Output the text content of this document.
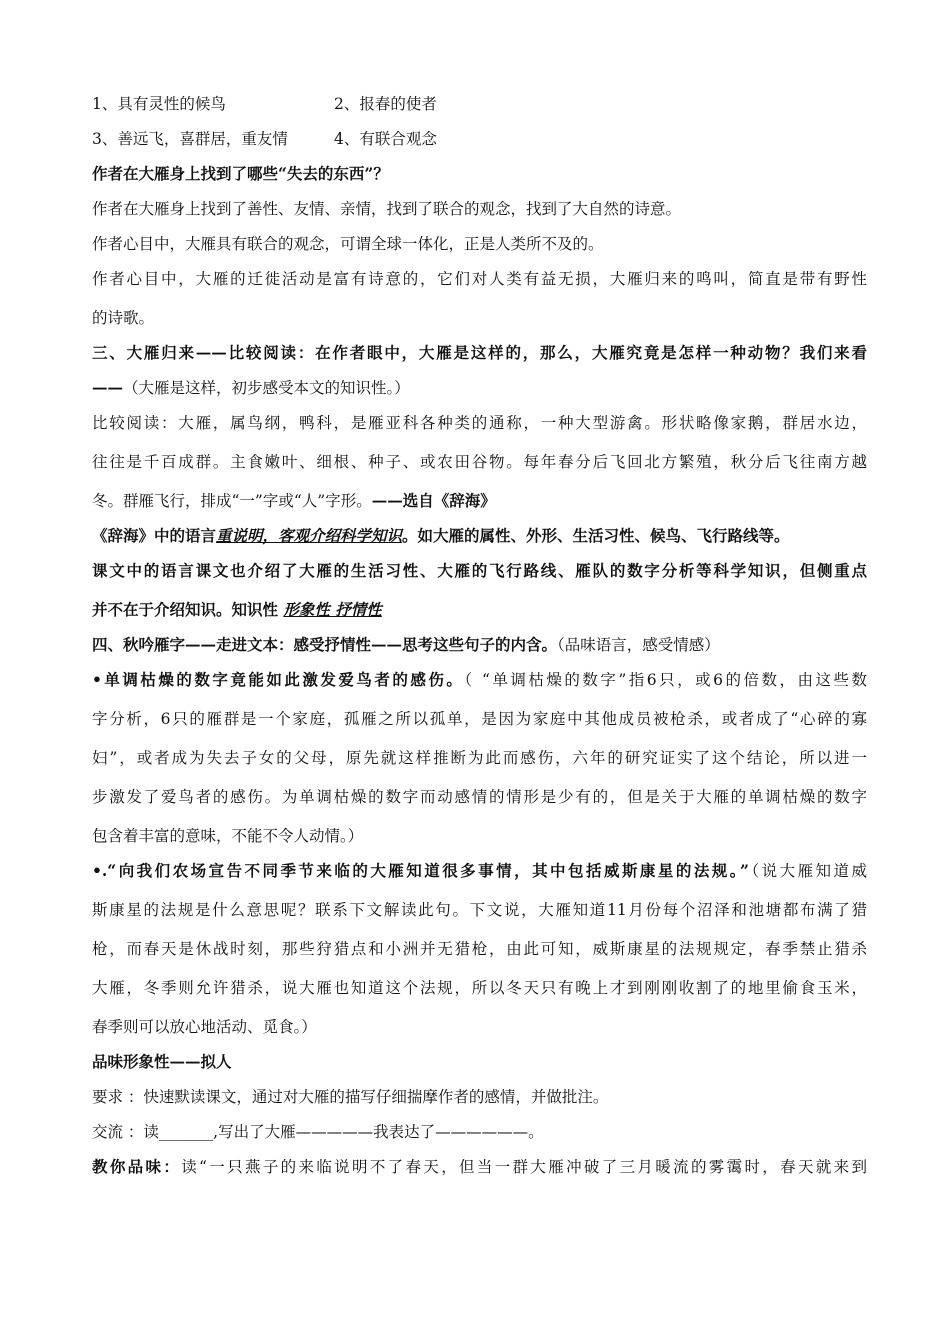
1、具有灵性的候鸟	2、报春的使者
3、善远飞，喜群居，重友情	4、有联合观念
作者在大雁身上找到了哪些“失去的东西”？
作者在大雁身上找到了善性、友情、亲情，找到了联合的观念，找到了大自然的诗意。
作者心目中，大雁具有联合的观念，可谓全球一体化，正是人类所不及的。
作者心目中，大雁的迁徙活动是富有诗意的，它们对人类有益无损，大雁归来的鸣叫，简直是带有野性
的诗歌。
三、大雁归来——比较阅读：在作者眼中，大雁是这样的，那么，大雁究竟是怎样一种动物？我们来看
——（大雁是这样，初步感受本文的知识性。）
比较阅读：大雁，属鸟纲，鸭科，是雁亚科各种类的通称，一种大型游禽。形状略像家鹅，群居水边，
往往是千百成群。主食嫩叶、细根、种子、或农田谷物。每年春分后飞回北方繁殖，秋分后飞往南方越
冬。群雁飞行，排成“一”字或“人”字形。——选自《辞海》
《辞海》中的语言重说明，客观介绍科学知识。如大雁的属性、外形、生活习性、候鸟、飞行路线等。
课文中的语言课文也介绍了大雁的生活习性、大雁的飞行路线、雁队的数字分析等科学知识，但侧重点
并不在于介绍知识。知识性 形象性 抒情性
四、秋吟雁字——走进文本：感受抒情性——思考这些句子的内含。（品味语言，感受情感）
•单调枯燥的数字竟能如此激发爱鸟者的感伤。（ “单调枯燥的数字”指6只，或6的倍数，由这些数
字分析，6只的雁群是一个家庭，孤雁之所以孤单，是因为家庭中其他成员被枪杀，或者成了“心碎的寡
妇”，或者成为失去子女的父母，原先就这样推断为此而感伤，六年的研究证实了这个结论，所以进一
步激发了爱鸟者的感伤。为单调枯燥的数字而动感情的情形是少有的，但是关于大雁的单调枯燥的数字
包含着丰富的意味，不能不令人动情。）
•.“向我们农场宣告不同季节来临的大雁知道很多事情，其中包括威斯康星的法规。”（说大雁知道威
斯康星的法规是什么意思呢？联系下文解读此句。下文说，大雁知道11月份每个沼泽和池塘都布满了猎
枪，而春天是休战时刻，那些狩猎点和小洲并无猎枪，由此可知，威斯康星的法规规定，春季禁止猎杀
大雁，冬季则允许猎杀，说大雁也知道这个法规，所以冬天只有晚上才到刚刚收割了的地里偷食玉米，
春季则可以放心地活动、觅食。）
品味形象性——拟人
要求 ：快速默读课文，通过对大雁的描写仔细揣摩作者的感情，并做批注。
交流 ：读_______,写出了大雁—————我表达了——————。
教你品味：读“一只燕子的来临说明不了春天，但当一群大雁冲破了三月暖流的雾霭时，春天就来到
